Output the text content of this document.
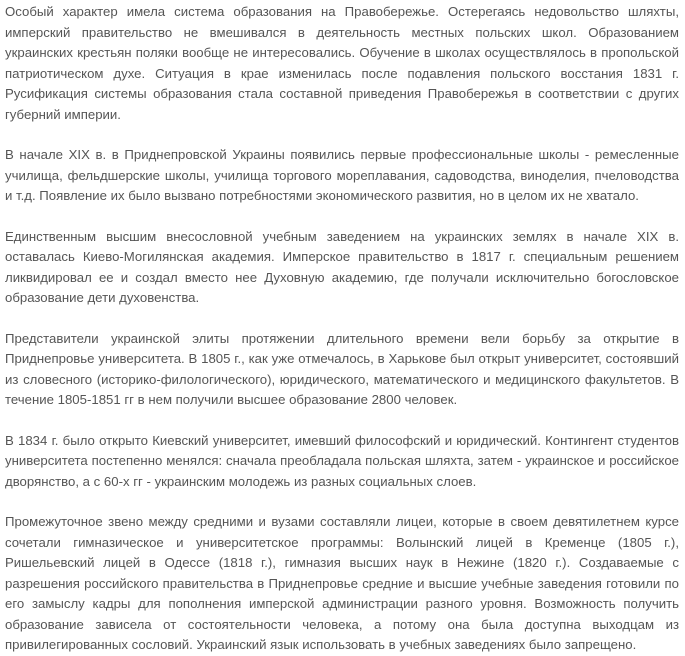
Особый характер имела система образования на Правобережье. Остерегаясь недовольство шляхты, имперский правительство не вмешивался в деятельность местных польских школ. Образованием украинских крестьян поляки вообще не интересовались. Обучение в школах осуществлялось в пропольской патриотическом духе. Ситуация в крае изменилась после подавления польского восстания 1831 г. Русификация системы образования стала составной приведения Правобережья в соответствии с других губерний империи.

В начале XIX в. в Приднепровской Украины появились первые профессиональные школы - ремесленные училища, фельдшерские школы, училища торгового мореплавания, садоводства, виноделия, пчеловодства и т.д. Появление их было вызвано потребностями экономического развития, но в целом их не хватало.

Единственным высшим внесословной учебным заведением на украинских землях в начале XIX в. оставалась Киево-Могилянская академия. Имперское правительство в 1817 г. специальным решением ликвидировал ее и создал вместо нее Духовную академию, где получали исключительно богословское образование дети духовенства.

Представители украинской элиты протяжении длительного времени вели борьбу за открытие в Приднепровье университета. В 1805 г., как уже отмечалось, в Харькове был открыт университет, состоявший из словесного (историко-филологического), юридического, математического и медицинского факультетов. В течение 1805-1851 гг в нем получили высшее образование 2800 человек.

В 1834 г. было открыто Киевский университет, имевший философский и юридический. Контингент студентов университета постепенно менялся: сначала преобладала польская шляхта, затем - украинское и российское дворянство, а с 60-х гг - украинским молодежь из разных социальных слоев.

Промежуточное звено между средними и вузами составляли лицеи, которые в своем девятилетнем курсе сочетали гимназическое и университетское программы: Волынский лицей в Кременце (1805 г.), Ришельевский лицей в Одессе (1818 г.), гимназия высших наук в Нежине (1820 г.). Создаваемые с разрешения российского правительства в Приднепровье средние и высшие учебные заведения готовили по его замыслу кадры для пополнения имперской администрации разного уровня. Возможность получить образование зависела от состоятельности человека, а потому она была доступна выходцам из привилегированных сословий. Украинский язык использовать в учебных заведениях было запрещено.
